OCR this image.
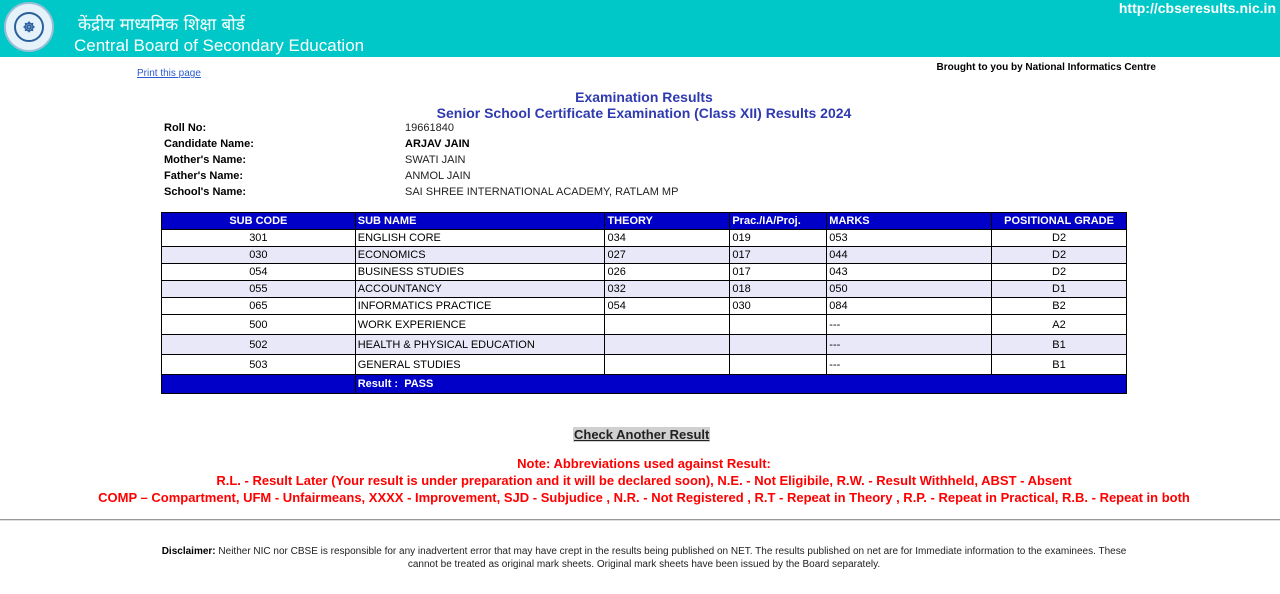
☸	केंद्रीय माध्यमिक शिक्षा बोर्ड
Central Board of Secondary Education
http://cbseresults.nic.in
Print this page
Brought to you by National Informatics Centre
Examination Results
Senior School Certificate Examination (Class XII) Results 2024
Roll No:	19661840
Candidate Name:	ARJAV JAIN
Mother's Name:	SWATI JAIN
Father's Name:	ANMOL JAIN
School's Name:	SAI SHREE INTERNATIONAL ACADEMY, RATLAM MP
SUB CODE	SUB NAME	THEORY	Prac./IA/Proj.	MARKS	POSITIONAL GRADE
301	ENGLISH CORE	034	019	053	D2
030	ECONOMICS	027	017	044	D2
054	BUSINESS STUDIES	026	017	043	D2
055	ACCOUNTANCY	032	018	050	D1
065	INFORMATICS PRACTICE	054	030	084	B2
500	WORK EXPERIENCE			---	A2
502	HEALTH & PHYSICAL EDUCATION			---	B1
503	GENERAL STUDIES			---	B1
	Result : PASS				
Check Another Result
Note: Abbreviations used against Result:
R.L. - Result Later (Your result is under preparation and it will be declared soon), N.E. - Not Eligibile, R.W. - Result Withheld, ABST - Absent
COMP – Compartment, UFM - Unfairmeans, XXXX - Improvement, SJD - Subjudice , N.R. - Not Registered , R.T - Repeat in Theory , R.P. - Repeat in Practical, R.B. - Repeat in both
Disclaimer: Neither NIC nor CBSE is responsible for any inadvertent error that may have crept in the results being published on NET. The results published on net are for Immediate information to the examinees. These cannot be treated as original mark sheets. Original mark sheets have been issued by the Board separately.
